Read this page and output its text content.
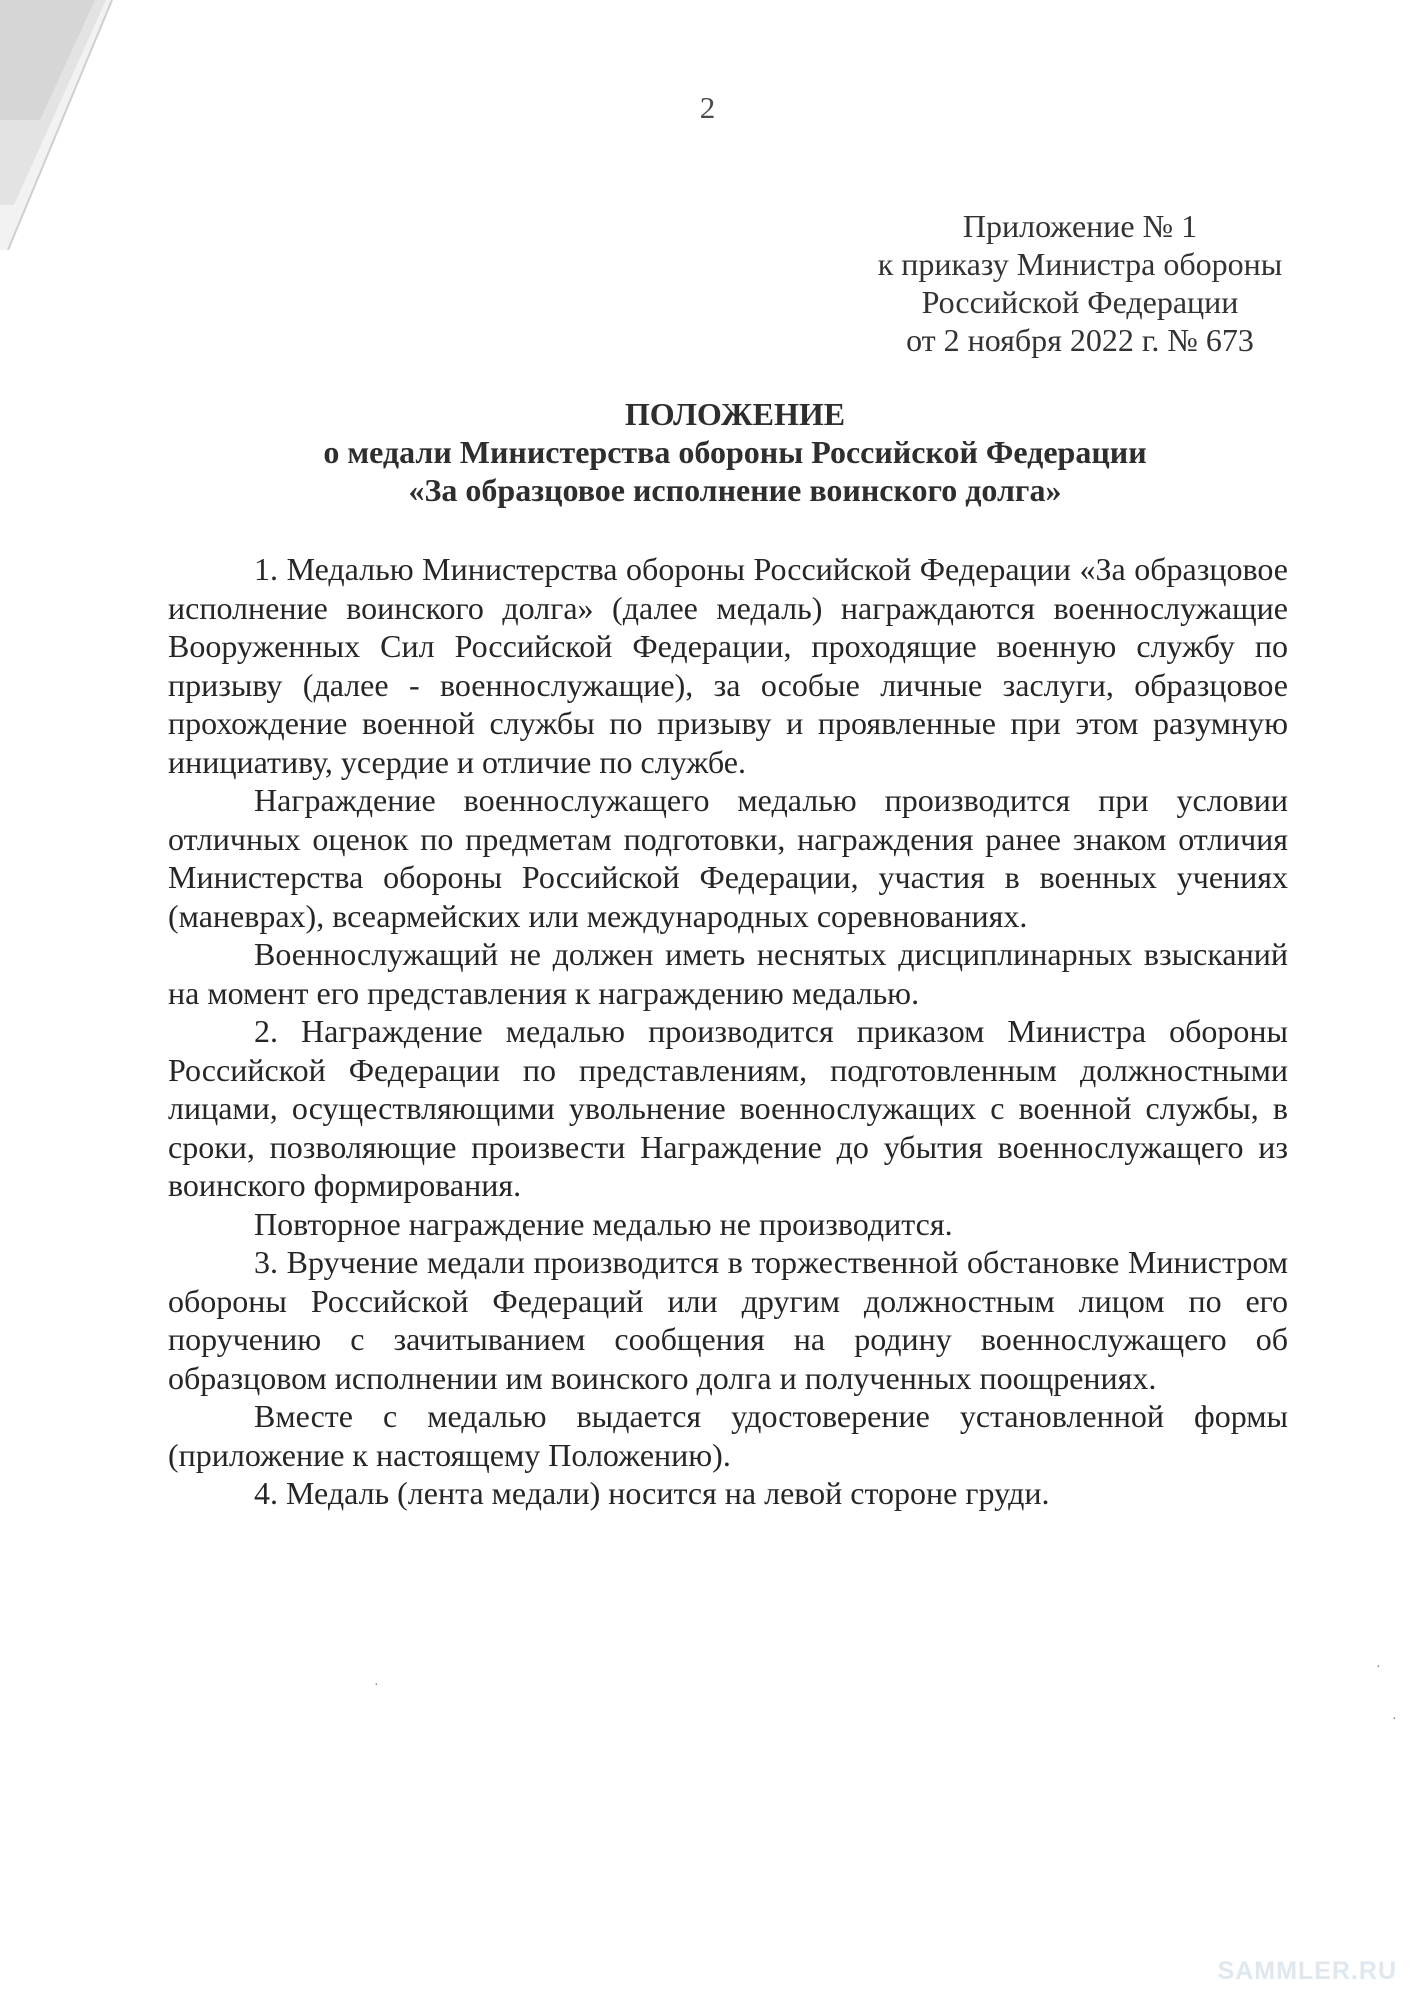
2
Приложение № 1
к приказу Министра обороны
Российской Федерации
от 2 ноября 2022 г. № 673
ПОЛОЖЕНИЕ
о медали Министерства обороны Российской Федерации
«За образцовое исполнение воинского долга»

1. Медалью Министерства обороны Российской Федерации «За образцовое исполнение воинского долга» (далее медаль) награждаются военнослужащие Вооруженных Сил Российской Федерации, проходящие военную службу по призыву (далее - военнослужащие), за особые личные заслуги, образцовое прохождение военной службы по призыву и проявленные при этом разумную инициативу, усердие и отличие по службе.

Награждение военнослужащего медалью производится при условии отличных оценок по предметам подготовки, награждения ранее знаком отличия Министерства обороны Российской Федерации, участия в военных учениях (маневрах), всеармейских или международных соревнованиях.

Военнослужащий не должен иметь неснятых дисциплинарных взысканий на момент его представления к награждению медалью.

2. Награждение медалью производится приказом Министра обороны Российской Федерации по представлениям, подготовленным должностными лицами, осуществляющими увольнение военнослужащих с военной службы, в сроки, позволяющие произвести Награждение до убытия военнослужащего из воинского формирования.

Повторное награждение медалью не производится.

3. Вручение медали производится в торжественной обстановке Министром обороны Российской Федераций или другим должностным лицом по его поручению с зачитыванием сообщения на родину военнослужащего об образцовом исполнении им воинского долга и полученных поощрениях.

Вместе с медалью выдается удостоверение установленной формы (приложение к настоящему Положению).

4. Медаль (лента медали) носится на левой стороне груди.

·
·
·
SAMMLER.RU
